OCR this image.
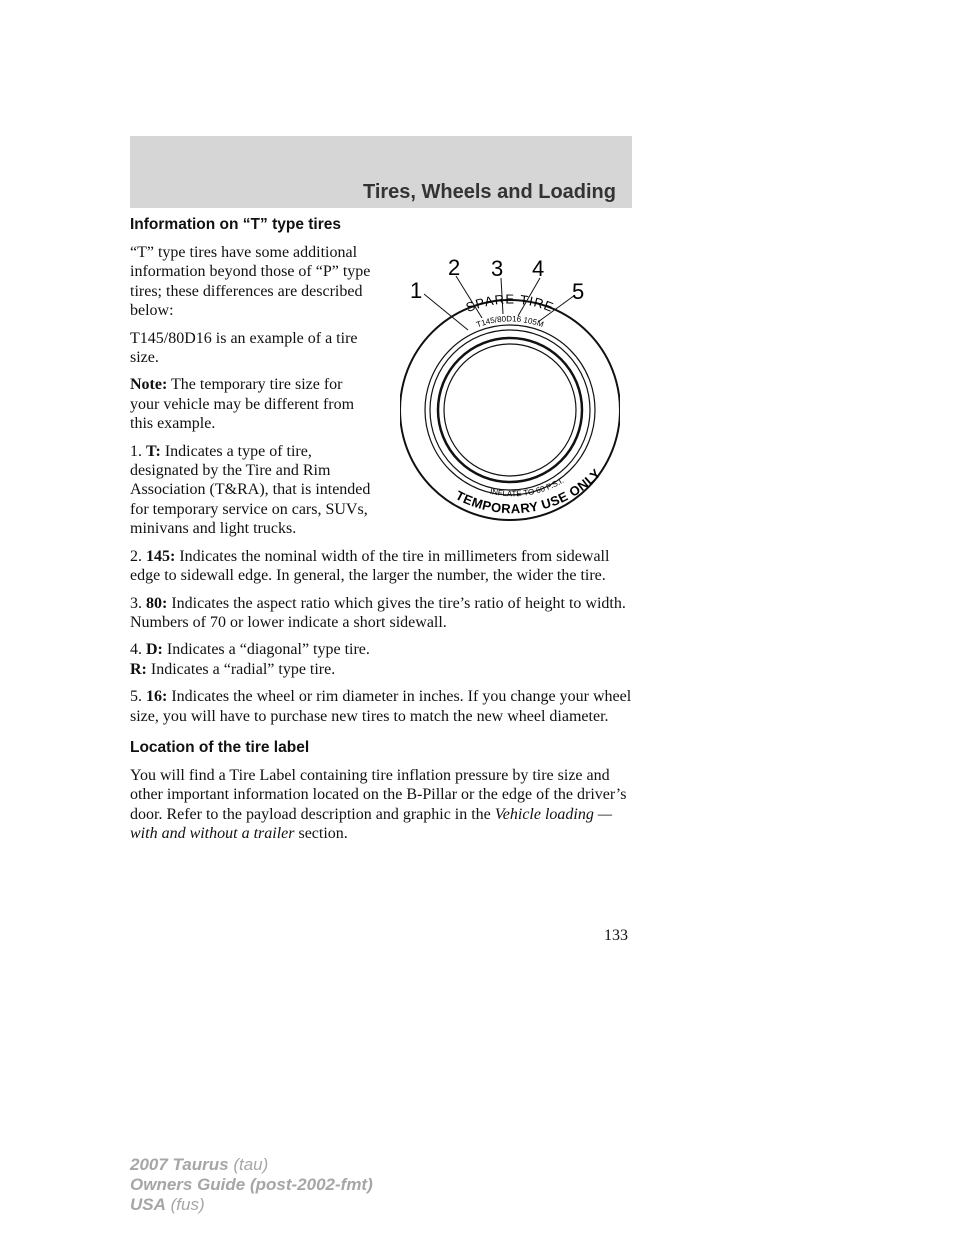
Tires, Wheels and Loading
1
2 3 4
5
SPARE TIRE
T145/80D16 105M
TEMPORARY USE ONLY
INFLATE TO 60 P.S.I.
Information on “T” type tires

“T” type tires have some additional information beyond those of “P” type tires; these differences are described below:

T145/80D16 is an example of a tire size.

Note: The temporary tire size for your vehicle may be different from this example.

1. T: Indicates a type of tire, designated by the Tire and Rim Association (T&RA), that is intended for temporary service on cars, SUVs, minivans and light trucks.

2. 145: Indicates the nominal width of the tire in millimeters from sidewall edge to sidewall edge. In general, the larger the number, the wider the tire.

3. 80: Indicates the aspect ratio which gives the tire’s ratio of height to width. Numbers of 70 or lower indicate a short sidewall.

4. D: Indicates a “diagonal” type tire.

R: Indicates a “radial” type tire.

5. 16: Indicates the wheel or rim diameter in inches. If you change your wheel size, you will have to purchase new tires to match the new wheel diameter.

Location of the tire label

You will find a Tire Label containing tire inflation pressure by tire size and other important information located on the B-Pillar or the edge of the driver’s door. Refer to the payload description and graphic in the Vehicle loading — with and without a trailer section.

133
2007 Taurus (tau)
Owners Guide (post-2002-fmt)
USA (fus)
